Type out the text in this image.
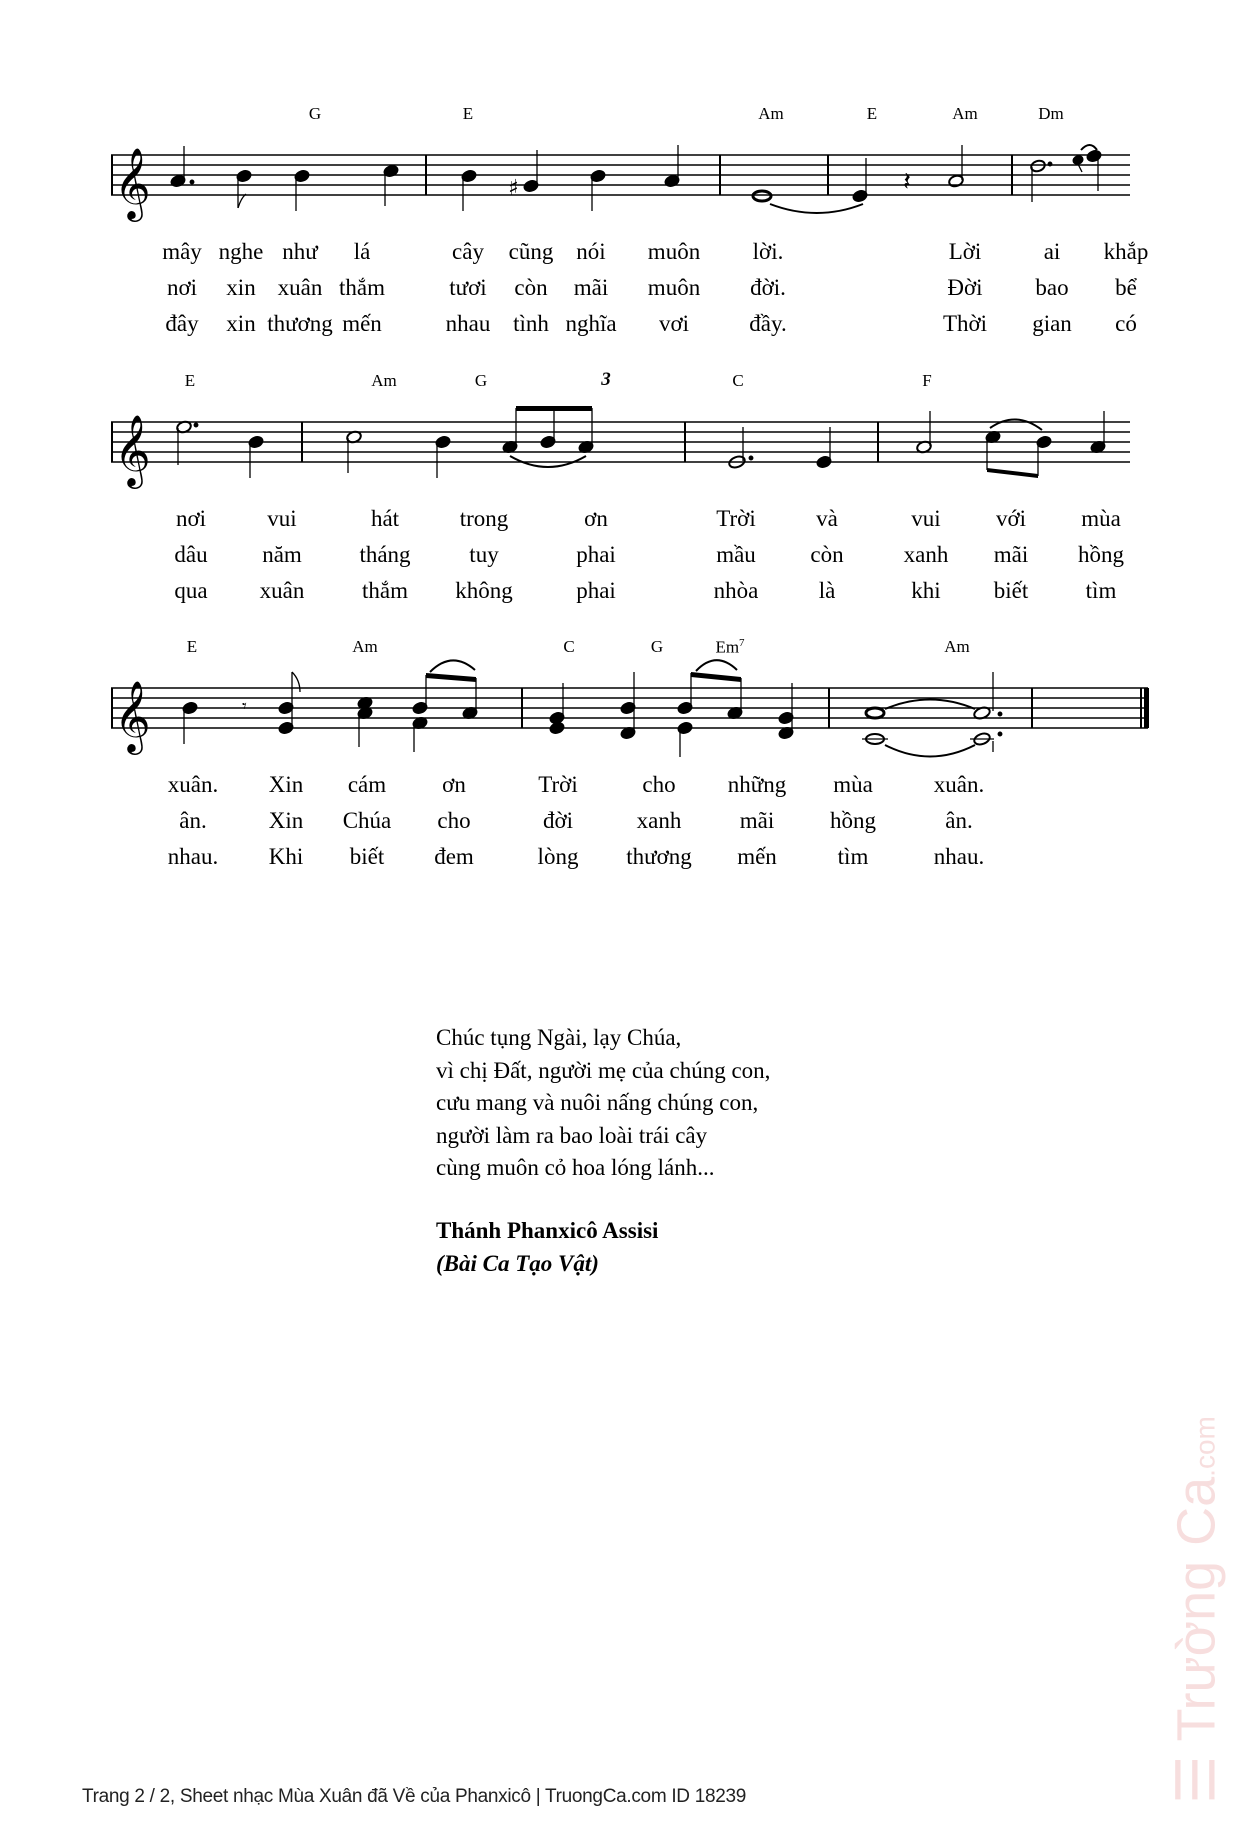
G	E	Am	E	Am	Dm
𝄞	♯	𝄽
mây nghe như lá	cây cũng nói muôn lời.	Lời	ai khắp
nơi xin xuân thắm	tươi còn mãi muôn đời.	Đời bao bể
đây xin thương mến	nhau tình nghĩa vơi	đầy.	Thời gian có
E	Am	G	C	F
3
𝄞
nơi	vui	hát	trong	ơn	Trời	và	vui với mùa
dâu năm	tháng	tuy	phai	mầu còn	xanh mãi hồng
qua xuân	thắm không	phai	nhòa	là	khi biết tìm
E	Am	C	G	Em$^7$	Am
𝄞	𝄾
xuân. Xin cám ơn	Trời	cho những mùa	xuân.
ân.	Xin Chúa cho	đời	xanh	mãi hồng	ân.
nhau. Khi biết đem	lòng thương mến	tìm	nhau.
Chúc tụng Ngài, lạy Chúa,
vì chị Đất, người mẹ của chúng con,
cưu mang và nuôi nấng chúng con,
người làm ra bao loài trái cây
cùng muôn cỏ hoa lóng lánh...
Thánh Phanxicô Assisi
(Bài Ca Tạo Vật)
Trang 2 / 2, Sheet nhạc Mùa Xuân đã Về của Phanxicô | TruongCa.com ID 18239	☰ Trường Ca.com
